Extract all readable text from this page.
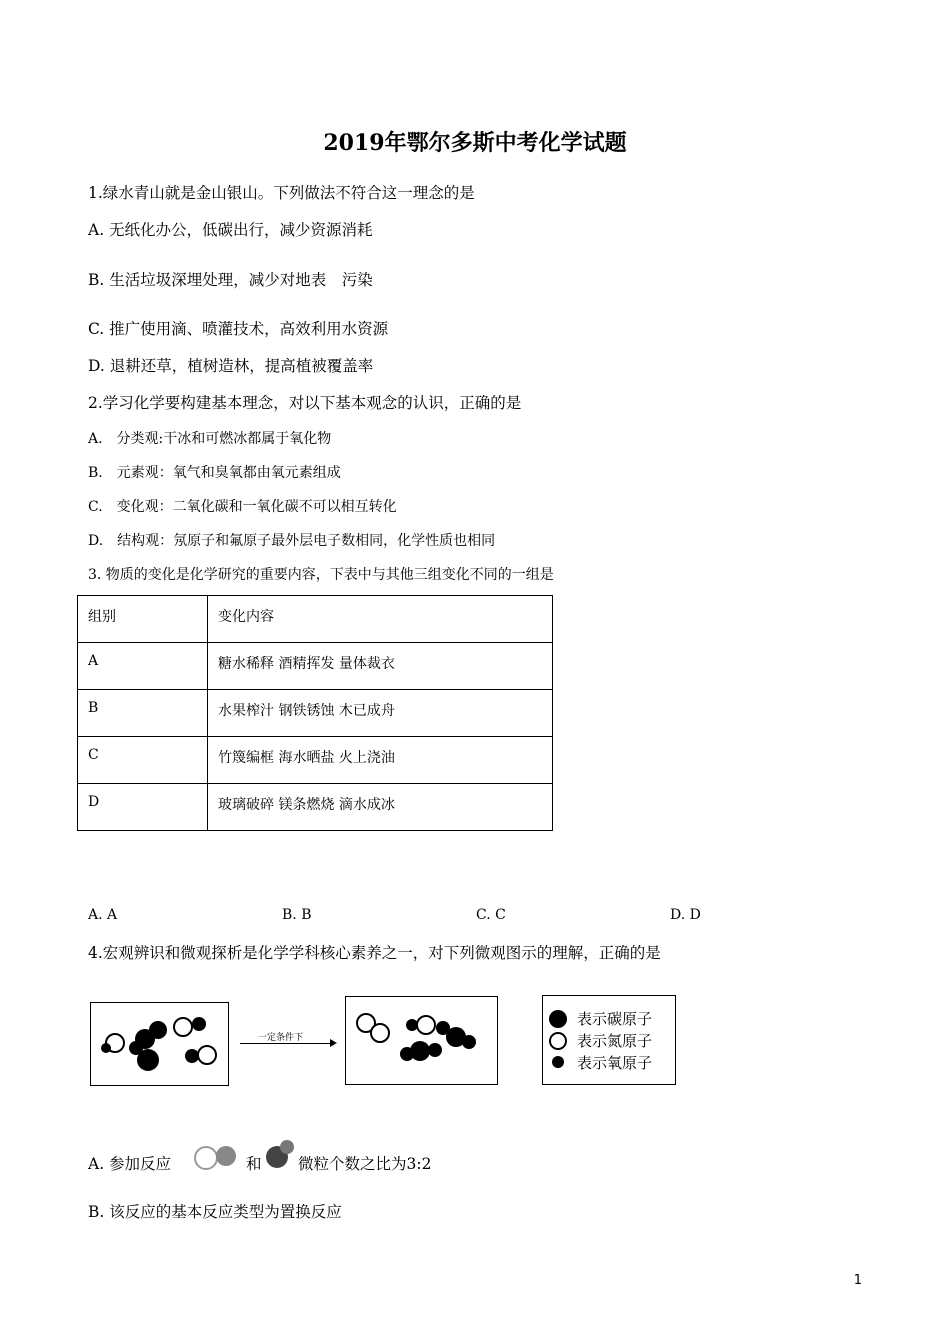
2019年鄂尔多斯中考化学试题
1.绿水青山就是金山银山。下列做法不符合这一理念的是
A. 无纸化办公，低碳出行，减少资源消耗
B. 生活垃圾深埋处理，减少对地表　污染
C. 推广使用滴、喷灌技术，高效利用水资源
D. 退耕还草，植树造林，提高植被覆盖率
2.学习化学要构建基本理念，对以下基本观念的认识，正确的是
A.　分类观:干冰和可燃冰都属于氧化物
B.　元素观：氧气和臭氧都由氧元素组成
C.　变化观：二氧化碳和一氧化碳不可以相互转化
D.　结构观：氖原子和氟原子最外层电子数相同，化学性质也相同
3. 物质的变化是化学研究的重要内容，下表中与其他三组变化不同的一组是
组别	变化内容
A	糖水稀释 酒精挥发 量体裁衣
B	水果榨汁 钢铁锈蚀 木已成舟
C	竹篾编框 海水晒盐 火上浇油
D	玻璃破碎 镁条燃烧 滴水成冰
A. A	B. B	C. C	D. D
4.宏观辨识和微观探析是化学学科核心素养之一，对下列微观图示的理解，正确的是
一定条件下
表示碳原子
表示氮原子
表示氧原子
A. 参加反应	和 微粒个数之比为3:2
B. 该反应的基本反应类型为置换反应
1
